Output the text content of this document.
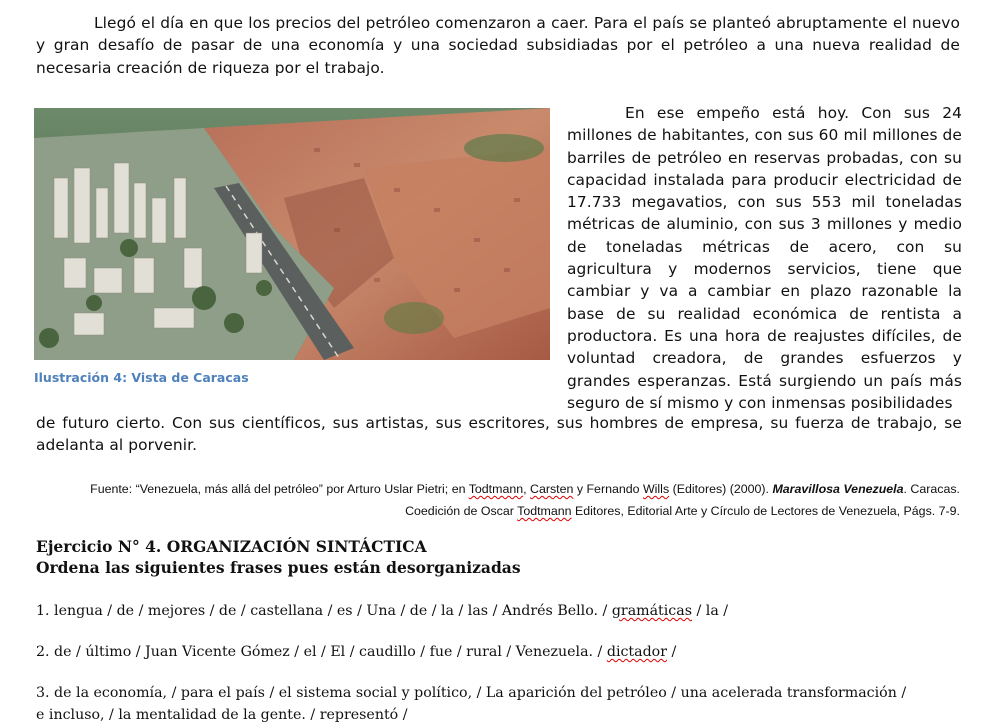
Llegó el día en que los precios del petróleo comenzaron a caer. Para el país se planteó abruptamente el nuevo y gran desafío de pasar de una economía y una sociedad subsidiadas por el petróleo a una nueva realidad de necesaria creación de riqueza por el trabajo.

Ilustración 4: Vista de Caracas

En ese empeño está hoy. Con sus 24 millones de habitantes, con sus 60 mil millones de barriles de petróleo en reservas probadas, con su capacidad instalada para producir electricidad de 17.733 megavatios, con sus 553 mil toneladas métricas de aluminio, con sus 3 millones y medio de toneladas métricas de acero, con su agricultura y modernos servicios, tiene que cambiar y va a cambiar en plazo razonable la base de su realidad económica de rentista a productora. Es una hora de reajustes difíciles, de voluntad creadora, de grandes esfuerzos y grandes esperanzas. Está surgiendo un país más seguro de sí mismo y con inmensas posibilidades

de futuro cierto. Con sus científicos, sus artistas, sus escritores, sus hombres de empresa, su fuerza de trabajo, se adelanta al porvenir.

Fuente: “Venezuela, más allá del petróleo” por Arturo Uslar Pietri; en Todtmann, Carsten y Fernando Wills (Editores) (2000). Maravillosa Venezuela. Caracas. Coedición de Oscar Todtmann Editores, Editorial Arte y Círculo de Lectores de Venezuela, Págs. 7-9.

Ejercicio N° 4. ORGANIZACIÓN SINTÁCTICA
Ordena las siguientes frases pues están desorganizadas

1. lengua / de / mejores / de / castellana / es / Una / de / la / las / Andrés Bello. / gramáticas / la /

2. de / último / Juan Vicente Gómez / el / El / caudillo / fue / rural / Venezuela. / dictador /

3. de la economía, / para el país / el sistema social y político, / La aparición del petróleo / una acelerada transformación /

e incluso, / la mentalidad de la gente. / representó /
